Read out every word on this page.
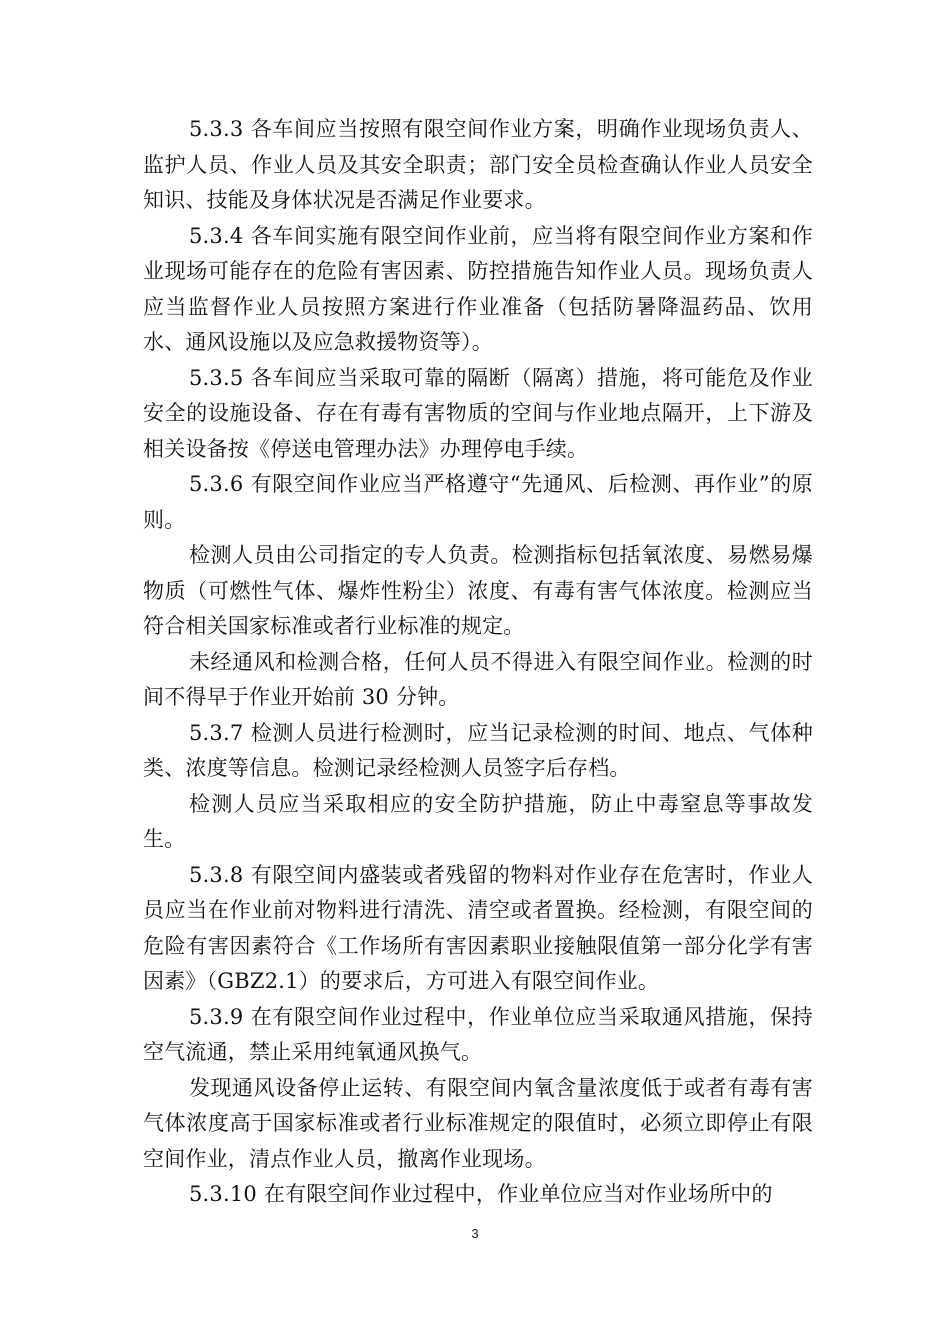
5.3.3 各车间应当按照有限空间作业方案，明确作业现场负责人、监护人员、作业人员及其安全职责；部门安全员检查确认作业人员安全知识、技能及身体状况是否满足作业要求。

5.3.4 各车间实施有限空间作业前，应当将有限空间作业方案和作业现场可能存在的危险有害因素、防控措施告知作业人员。现场负责人应当监督作业人员按照方案进行作业准备（包括防暑降温药品、饮用水、通风设施以及应急救援物资等）。

5.3.5 各车间应当采取可靠的隔断（隔离）措施，将可能危及作业安全的设施设备、存在有毒有害物质的空间与作业地点隔开，上下游及相关设备按《停送电管理办法》办理停电手续。

5.3.6 有限空间作业应当严格遵守“先通风、后检测、再作业”的原则。

检测人员由公司指定的专人负责。检测指标包括氧浓度、易燃易爆物质（可燃性气体、爆炸性粉尘）浓度、有毒有害气体浓度。检测应当符合相关国家标准或者行业标准的规定。

未经通风和检测合格，任何人员不得进入有限空间作业。检测的时间不得早于作业开始前 30 分钟。

5.3.7 检测人员进行检测时，应当记录检测的时间、地点、气体种类、浓度等信息。检测记录经检测人员签字后存档。

检测人员应当采取相应的安全防护措施，防止中毒窒息等事故发生。

5.3.8 有限空间内盛装或者残留的物料对作业存在危害时，作业人员应当在作业前对物料进行清洗、清空或者置换。经检测，有限空间的危险有害因素符合《工作场所有害因素职业接触限值第一部分化学有害因素》（GBZ2.1）的要求后，方可进入有限空间作业。

5.3.9 在有限空间作业过程中，作业单位应当采取通风措施，保持空气流通，禁止采用纯氧通风换气。

发现通风设备停止运转、有限空间内氧含量浓度低于或者有毒有害气体浓度高于国家标准或者行业标准规定的限值时，必须立即停止有限空间作业，清点作业人员，撤离作业现场。

5.3.10 在有限空间作业过程中，作业单位应当对作业场所中的

3
